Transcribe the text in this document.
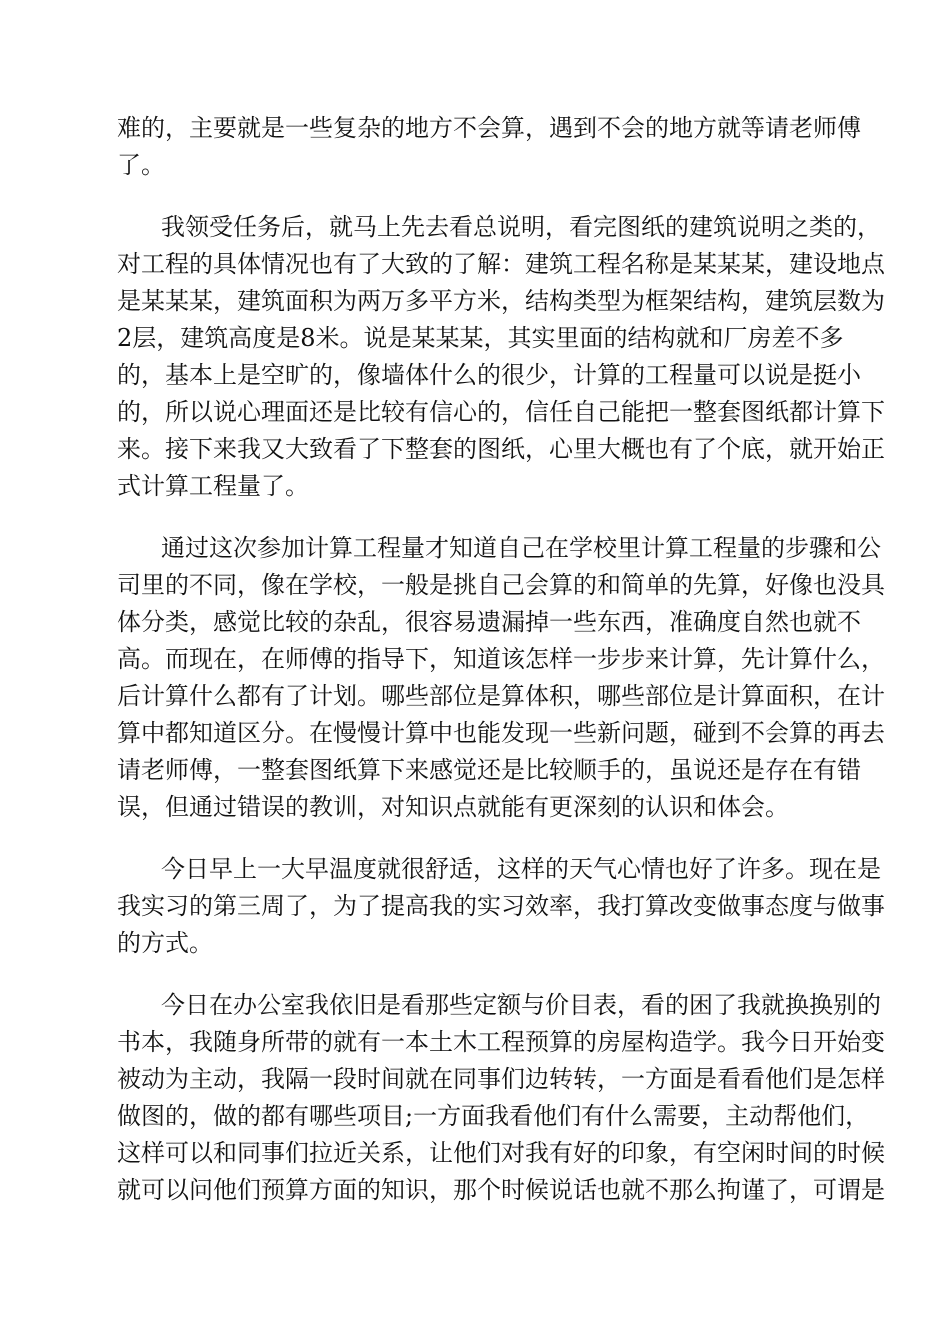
难的，主要就是一些复杂的地方不会算，遇到不会的地方就等请老师傅
了。
我领受任务后，就马上先去看总说明，看完图纸的建筑说明之类的，
对工程的具体情况也有了大致的了解：建筑工程名称是某某某，建设地点
是某某某，建筑面积为两万多平方米，结构类型为框架结构，建筑层数为
2层，建筑高度是8米。说是某某某，其实里面的结构就和厂房差不多
的，基本上是空旷的，像墙体什么的很少，计算的工程量可以说是挺小
的，所以说心理面还是比较有信心的，信任自己能把一整套图纸都计算下
来。接下来我又大致看了下整套的图纸，心里大概也有了个底，就开始正
式计算工程量了。
通过这次参加计算工程量才知道自己在学校里计算工程量的步骤和公
司里的不同，像在学校，一般是挑自己会算的和简单的先算，好像也没具
体分类，感觉比较的杂乱，很容易遗漏掉一些东西，准确度自然也就不
高。而现在，在师傅的指导下，知道该怎样一步步来计算，先计算什么，
后计算什么都有了计划。哪些部位是算体积，哪些部位是计算面积，在计
算中都知道区分。在慢慢计算中也能发现一些新问题，碰到不会算的再去
请老师傅，一整套图纸算下来感觉还是比较顺手的，虽说还是存在有错
误，但通过错误的教训，对知识点就能有更深刻的认识和体会。
今日早上一大早温度就很舒适，这样的天气心情也好了许多。现在是
我实习的第三周了，为了提高我的实习效率，我打算改变做事态度与做事
的方式。
今日在办公室我依旧是看那些定额与价目表，看的困了我就换换别的
书本，我随身所带的就有一本土木工程预算的房屋构造学。我今日开始变
被动为主动，我隔一段时间就在同事们边转转，一方面是看看他们是怎样
做图的，做的都有哪些项目;一方面我看他们有什么需要，主动帮他们，
这样可以和同事们拉近关系，让他们对我有好的印象，有空闲时间的时候
就可以问他们预算方面的知识，那个时候说话也就不那么拘谨了，可谓是
